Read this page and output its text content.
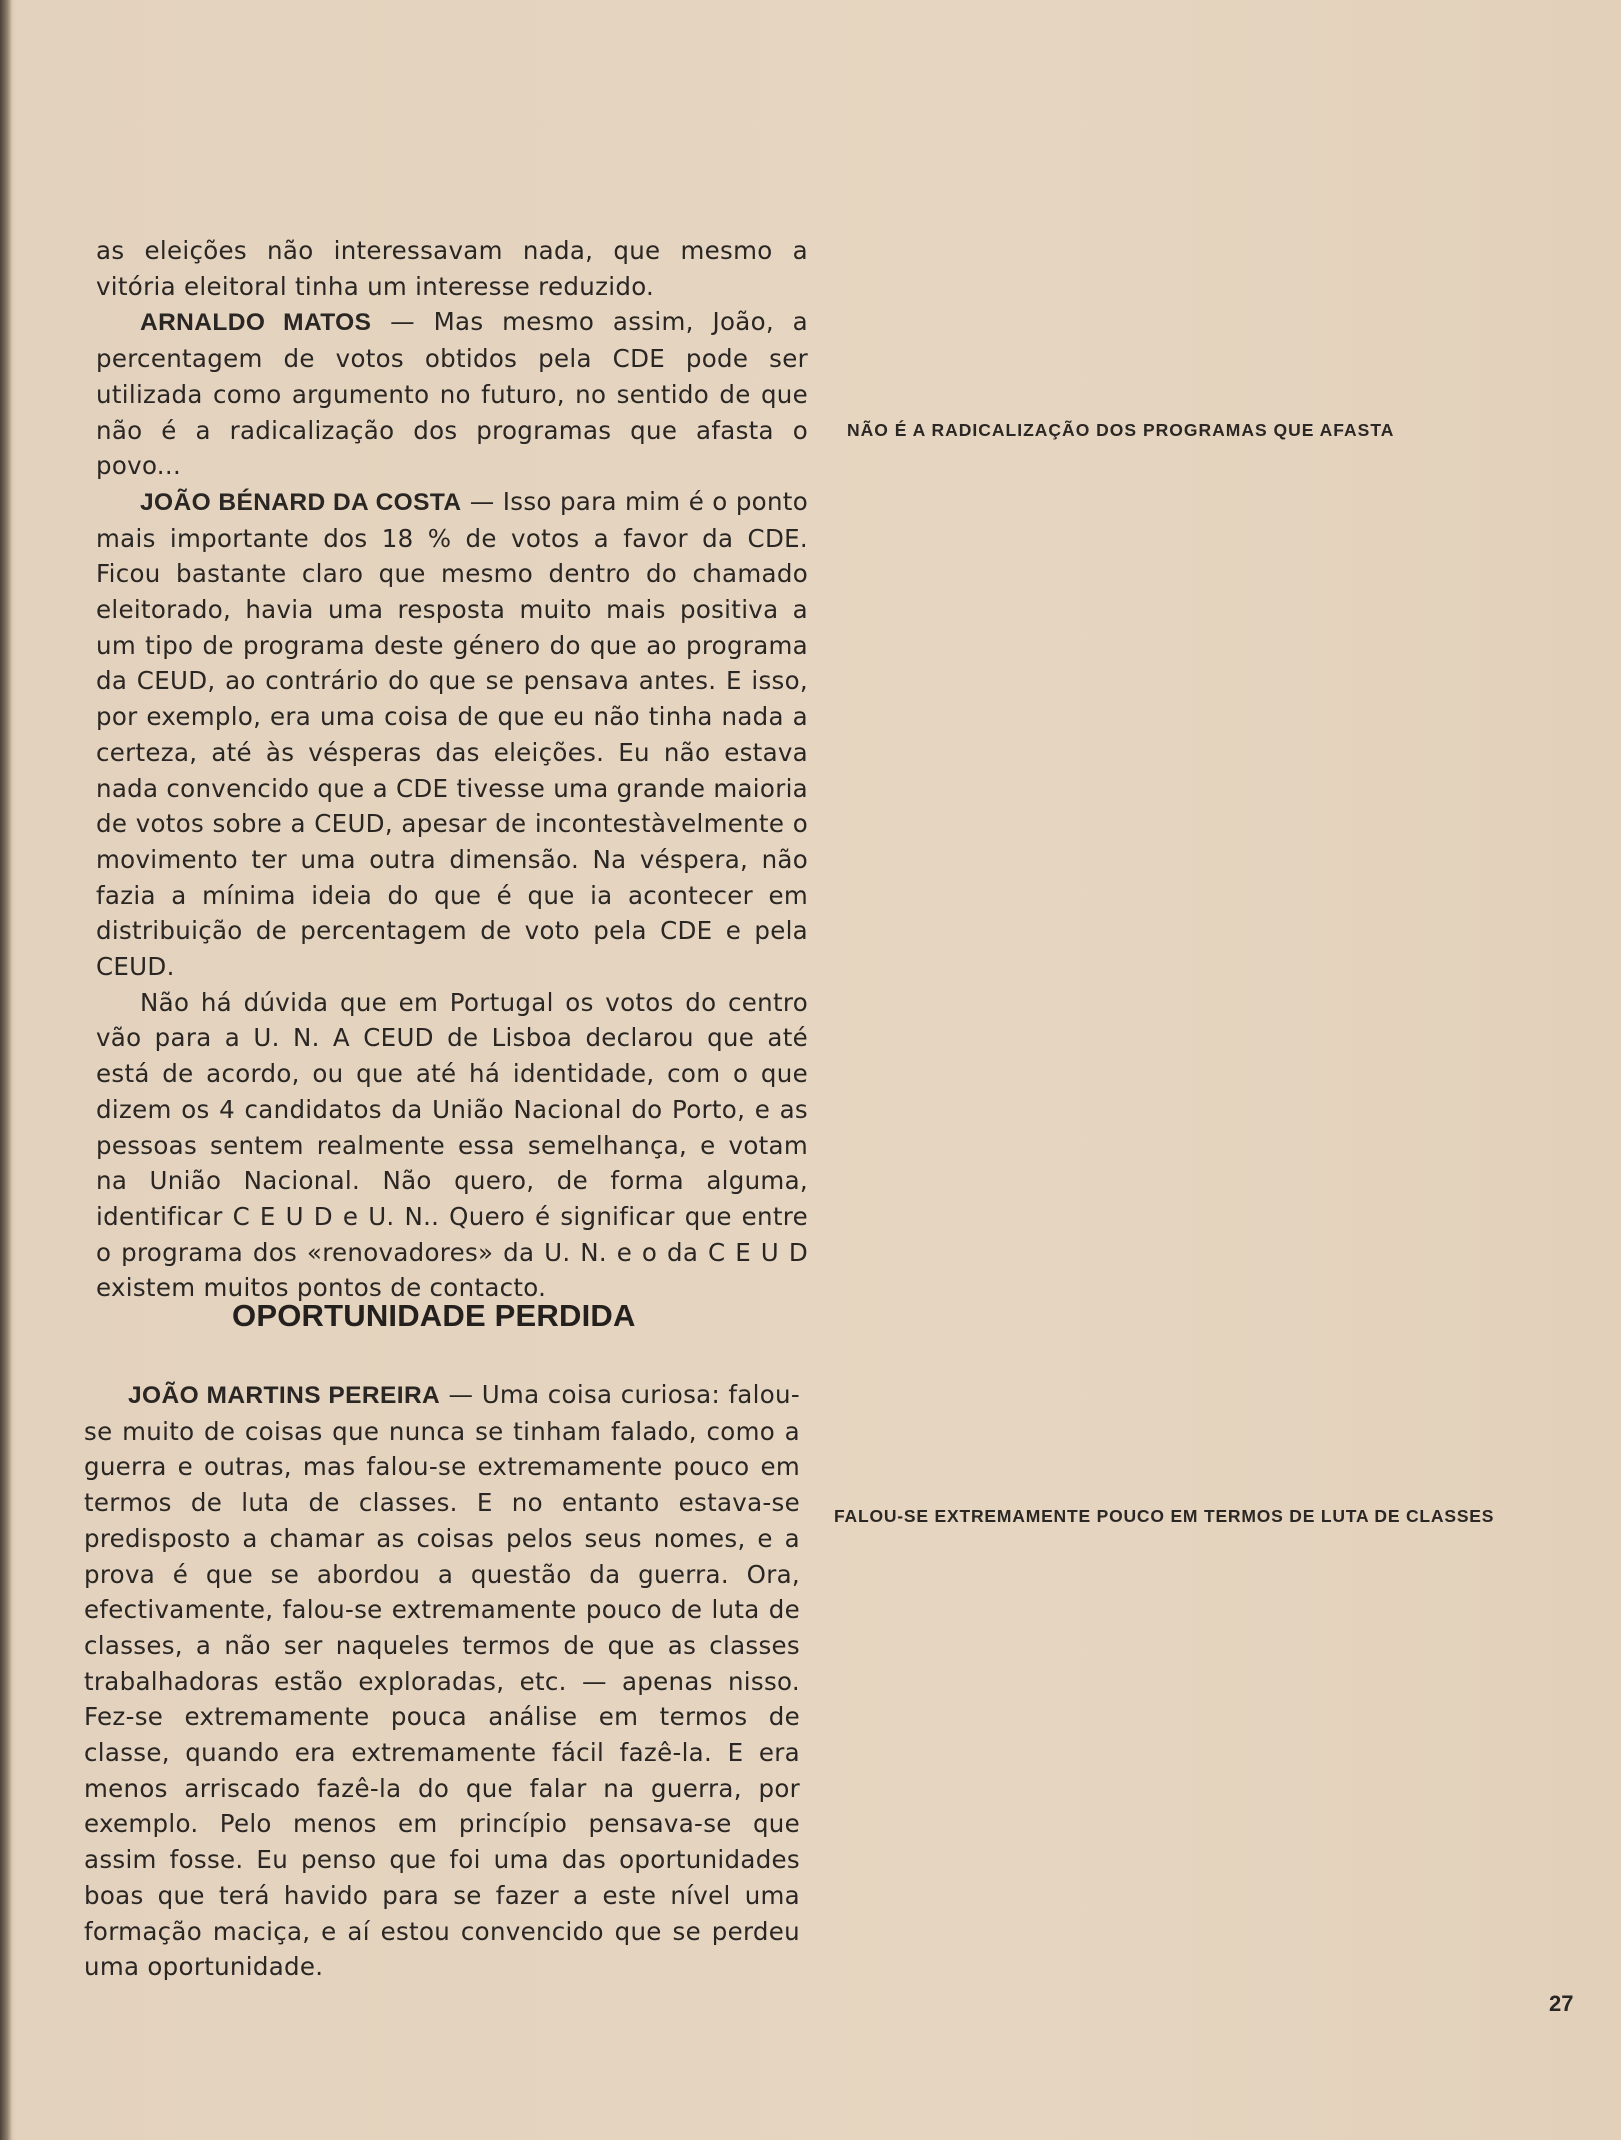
as eleições não interessavam nada, que mesmo a vitória eleitoral tinha um interesse reduzido.

ARNALDO MATOS — Mas mesmo assim, João, a percentagem de votos obtidos pela CDE pode ser utilizada como argumento no futuro, no sentido de que não é a radicalização dos programas que afasta o povo...

JOÃO BÉNARD DA COSTA — Isso para mim é o ponto mais importante dos 18 % de votos a favor da CDE. Ficou bastante claro que mesmo dentro do chamado eleitorado, havia uma resposta muito mais positiva a um tipo de programa deste género do que ao programa da CEUD, ao contrário do que se pensava antes. E isso, por exemplo, era uma coisa de que eu não tinha nada a certeza, até às vésperas das eleições. Eu não estava nada convencido que a CDE tivesse uma grande maioria de votos sobre a CEUD, apesar de incontestàvelmente o movimento ter uma outra dimensão. Na véspera, não fazia a mínima ideia do que é que ia acontecer em distribuição de percentagem de voto pela CDE e pela CEUD.

Não há dúvida que em Portugal os votos do centro vão para a U. N. A CEUD de Lisboa declarou que até está de acordo, ou que até há identidade, com o que dizem os 4 candidatos da União Nacional do Porto, e as pessoas sentem realmente essa semelhança, e votam na União Nacional. Não quero, de forma alguma, identificar C E U D e U. N.. Quero é significar que entre o programa dos «renovadores» da U. N. e o da C E U D existem muitos pontos de contacto.

OPORTUNIDADE PERDIDA

JOÃO MARTINS PEREIRA — Uma coisa curiosa: falou-se muito de coisas que nunca se tinham falado, como a guerra e outras, mas falou-se extremamente pouco em termos de luta de classes. E no entanto estava-se predisposto a chamar as coisas pelos seus nomes, e a prova é que se abordou a questão da guerra. Ora, efectivamente, falou-se extremamente pouco de luta de classes, a não ser naqueles termos de que as classes trabalhadoras estão exploradas, etc. — apenas nisso. Fez-se extremamente pouca análise em termos de classe, quando era extremamente fácil fazê-la. E era menos arriscado fazê-la do que falar na guerra, por exemplo. Pelo menos em princípio pensava-se que assim fosse. Eu penso que foi uma das oportunidades boas que terá havido para se fazer a este nível uma formação maciça, e aí estou convencido que se perdeu uma oportunidade.

NÃO É A RADICALIZAÇÃO DOS PROGRAMAS QUE AFASTA

FALOU-SE EXTREMAMENTE POUCO EM TERMOS DE LUTA DE CLASSES

27
